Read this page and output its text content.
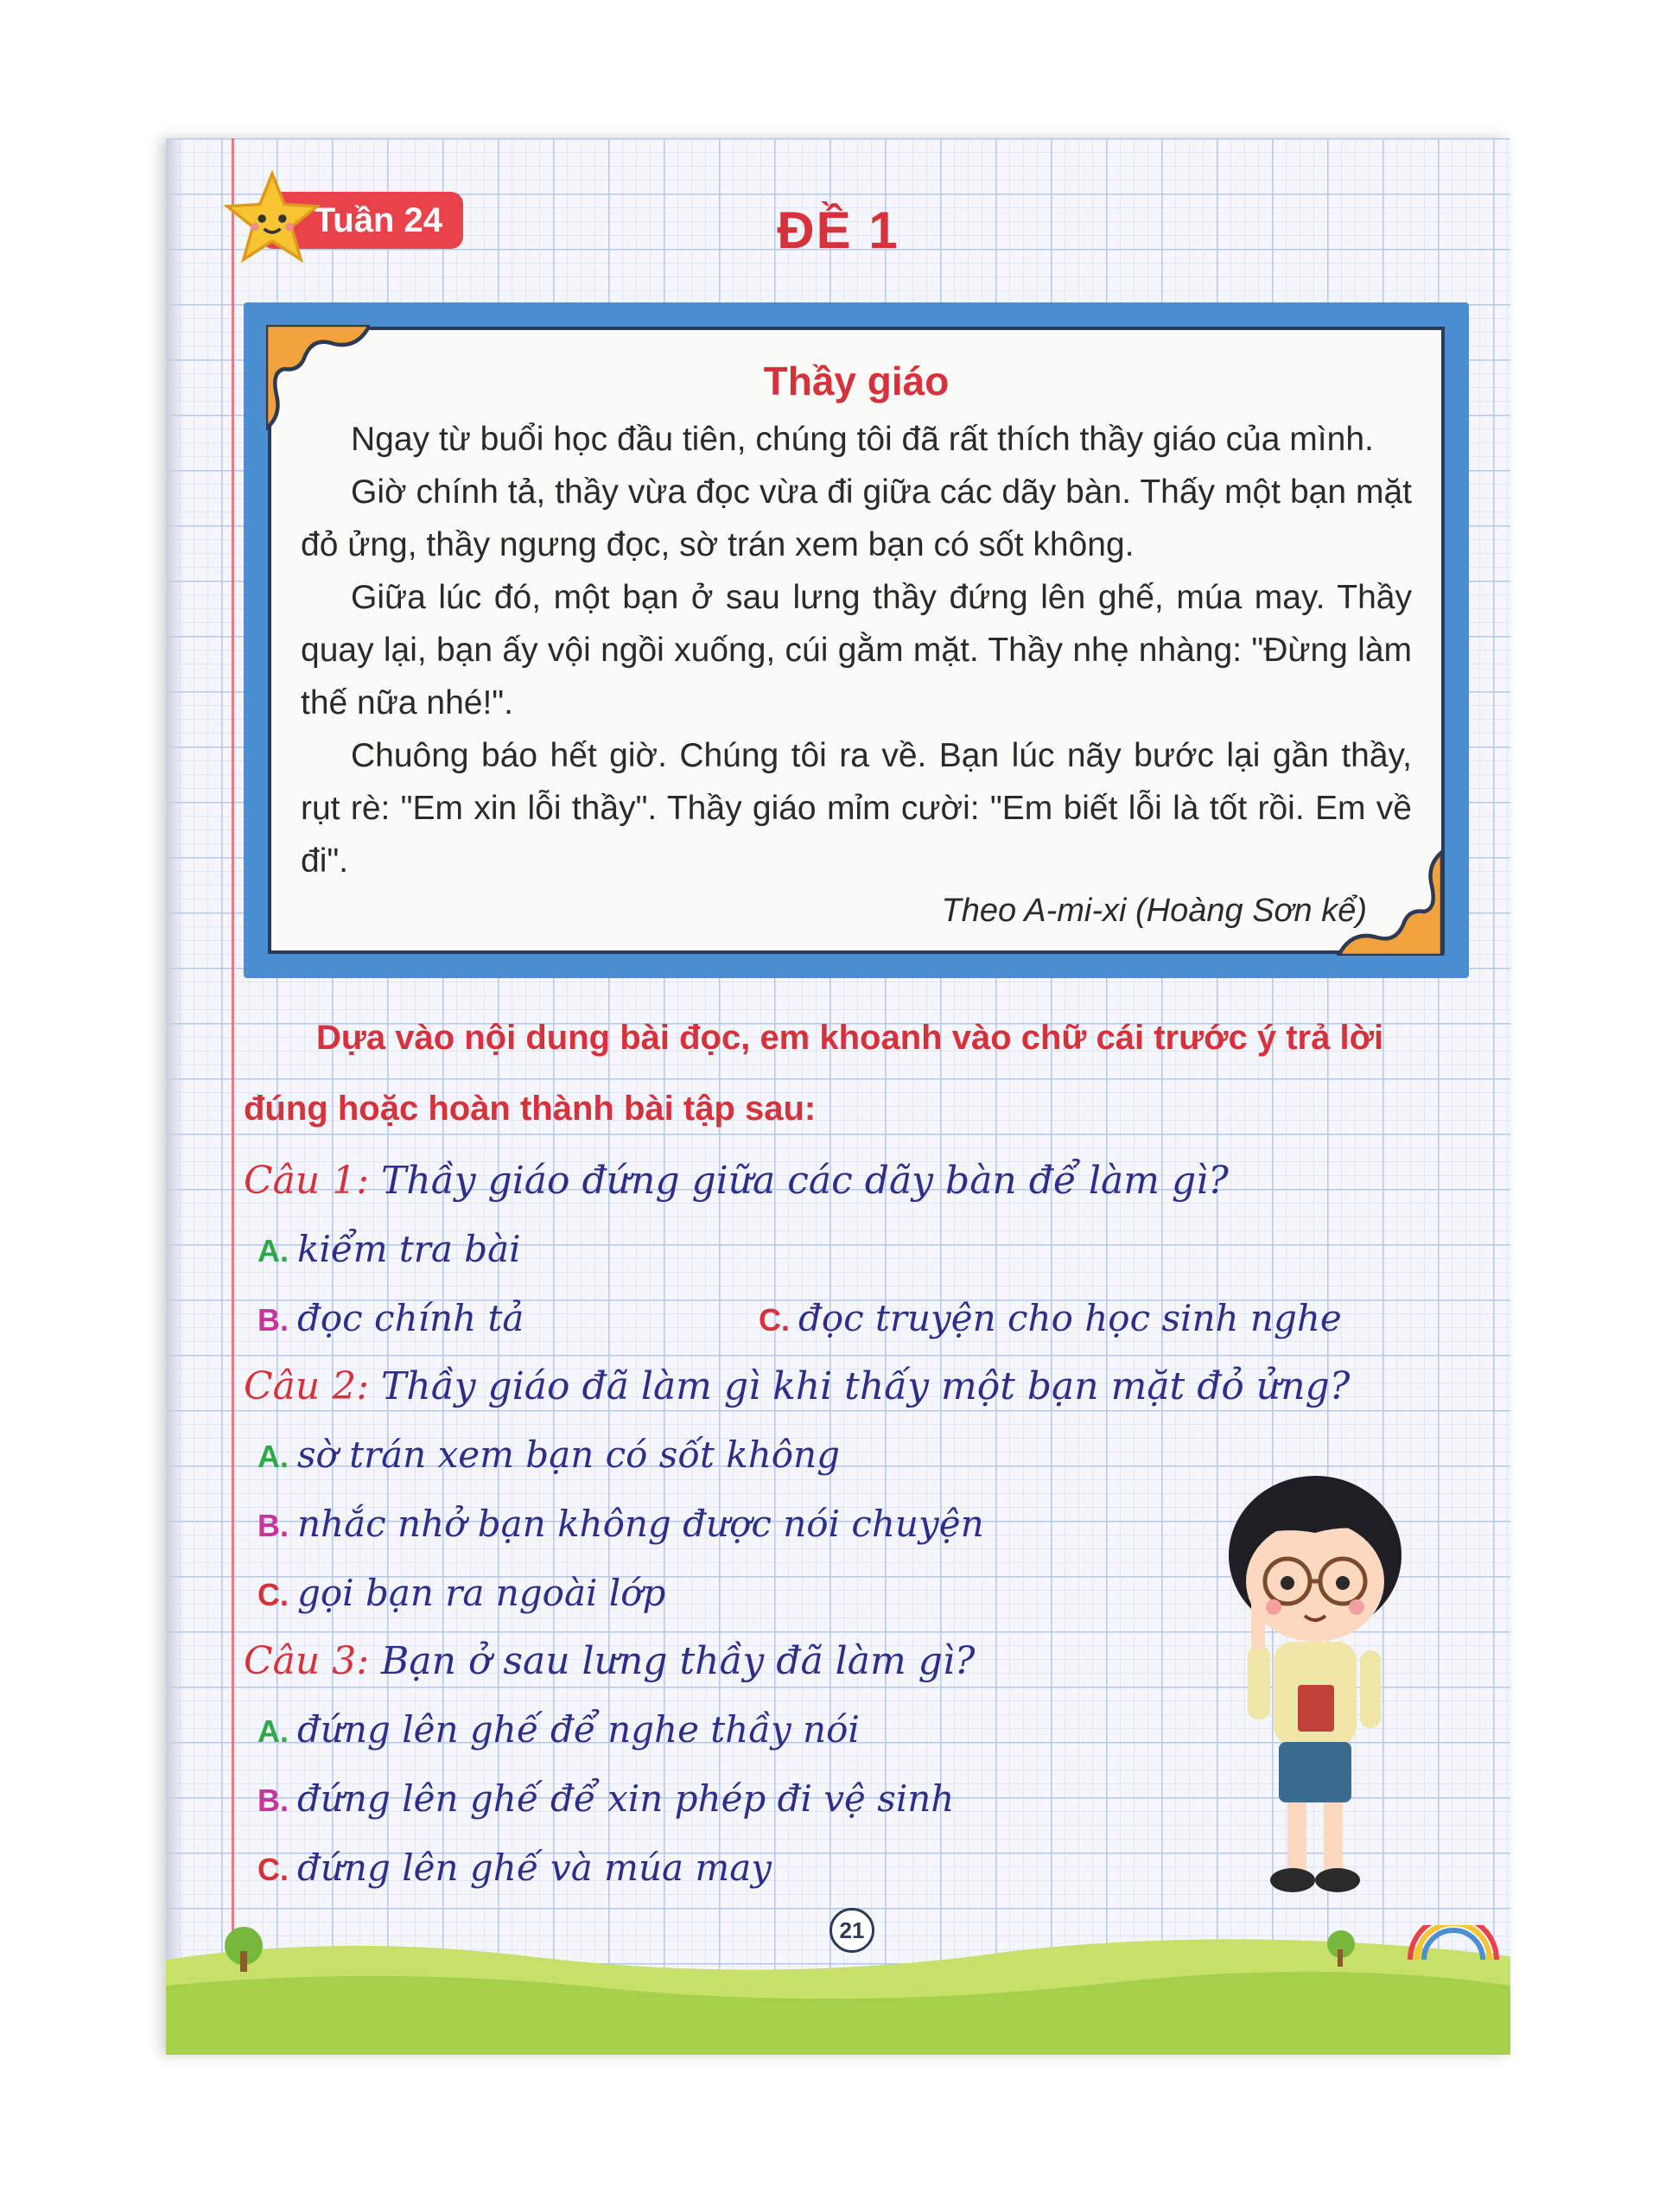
Tuần 24	ĐỀ 1
Thầy giáo

Ngay từ buổi học đầu tiên, chúng tôi đã rất thích thầy giáo của mình.

Giờ chính tả, thầy vừa đọc vừa đi giữa các dãy bàn. Thấy một bạn mặt đỏ ửng, thầy ngưng đọc, sờ trán xem bạn có sốt không.

Giữa lúc đó, một bạn ở sau lưng thầy đứng lên ghế, múa may. Thầy quay lại, bạn ấy vội ngồi xuống, cúi gằm mặt. Thầy nhẹ nhàng: "Đừng làm thế nữa nhé!".

Chuông báo hết giờ. Chúng tôi ra về. Bạn lúc nãy bước lại gần thầy, rụt rè: "Em xin lỗi thầy". Thầy giáo mỉm cười: "Em biết lỗi là tốt rồi. Em về đi".

Theo A-mi-xi (Hoàng Sơn kể)

Dựa vào nội dung bài đọc, em khoanh vào chữ cái trước ý trả lời đúng hoặc hoàn thành bài tập sau:

Câu 1: Thầy giáo đứng giữa các dãy bàn để làm gì?
A. kiểm tra bài
B. đọc chính tả	C. đọc truyện cho học sinh nghe
Câu 2: Thầy giáo đã làm gì khi thấy một bạn mặt đỏ ửng?
A. sờ trán xem bạn có sốt không
B. nhắc nhở bạn không được nói chuyện
C. gọi bạn ra ngoài lớp
Câu 3: Bạn ở sau lưng thầy đã làm gì?
A. đứng lên ghế để nghe thầy nói
B. đứng lên ghế để xin phép đi vệ sinh
C. đứng lên ghế và múa may
21
